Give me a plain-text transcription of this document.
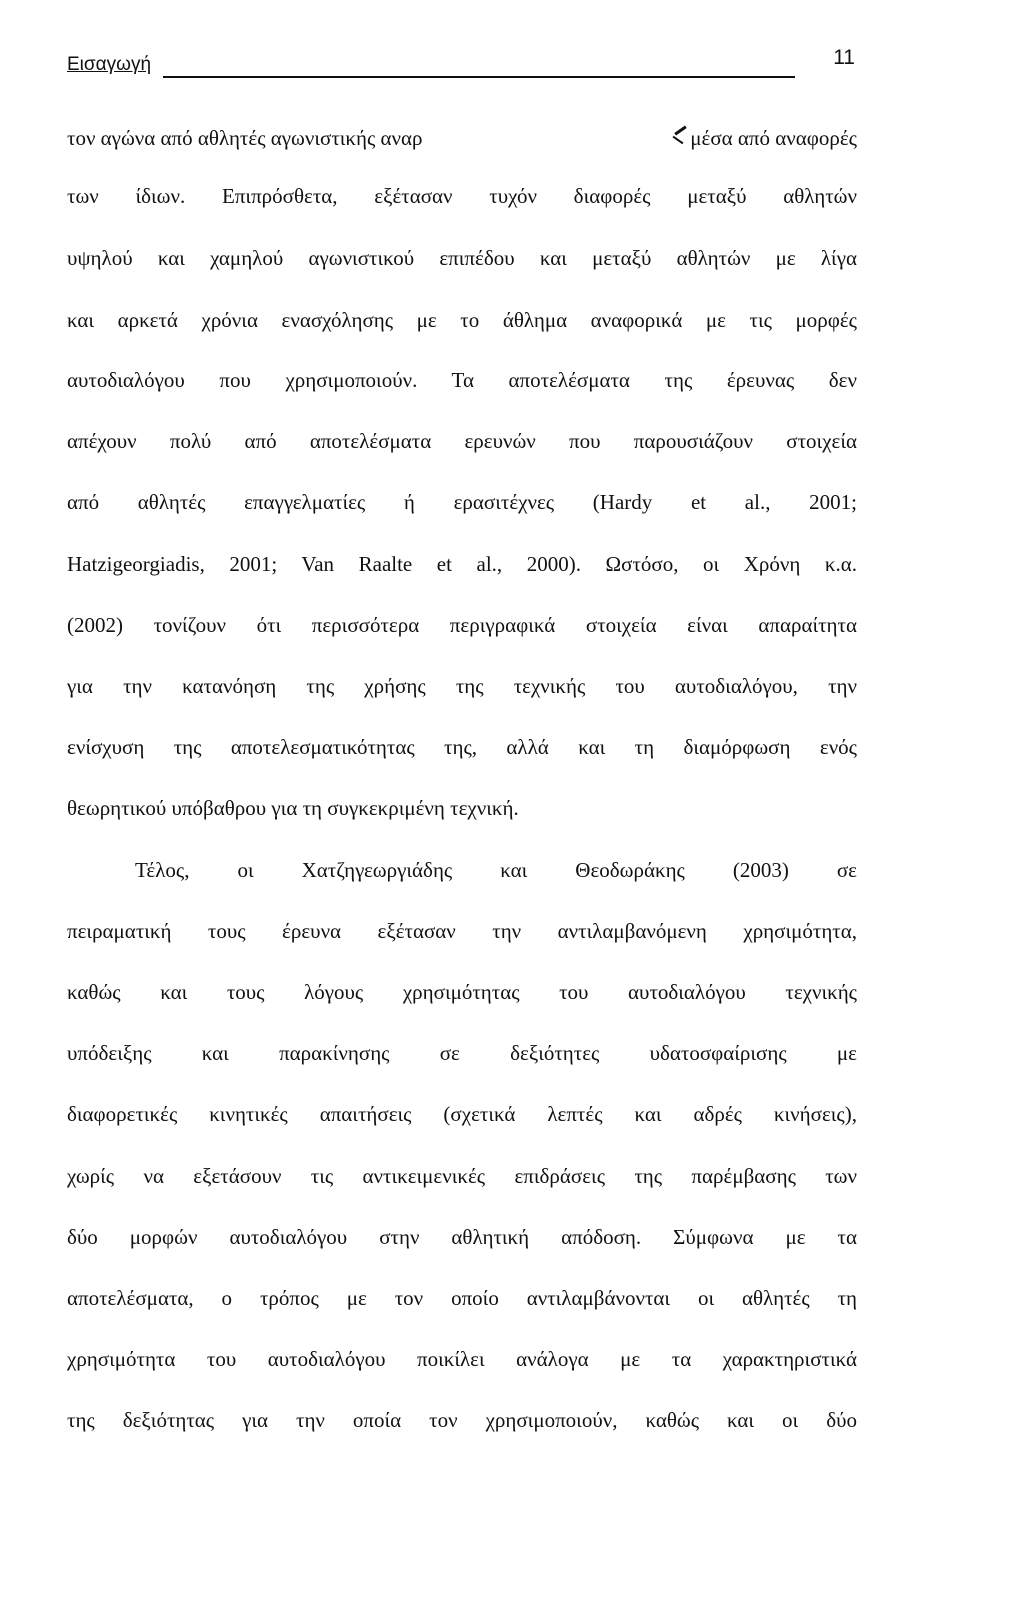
Εισαγωγή	11
τον αγώνα από αθλητές αγωνιστικής αναρ	μέσα από αναφορές
των ίδιων. Επιπρόσθετα, εξέτασαν τυχόν διαφορές μεταξύ αθλητών
υψηλού και χαμηλού αγωνιστικού επιπέδου και μεταξύ αθλητών με λίγα
και αρκετά χρόνια ενασχόλησης με το άθλημα αναφορικά με τις μορφές
αυτοδιαλόγου που χρησιμοποιούν. Τα αποτελέσματα της έρευνας δεν
απέχουν πολύ από αποτελέσματα ερευνών που παρουσιάζουν στοιχεία
από αθλητές επαγγελματίες ή ερασιτέχνες (Hardy et al., 2001;
Hatzigeorgiadis, 2001; Van Raalte et al., 2000). Ωστόσο, οι Χρόνη κ.α.
(2002) τονίζουν ότι περισσότερα περιγραφικά στοιχεία είναι απαραίτητα
για την κατανόηση της χρήσης της τεχνικής του αυτοδιαλόγου, την
ενίσχυση της αποτελεσματικότητας της, αλλά και τη διαμόρφωση ενός
θεωρητικού υπόβαθρου για τη συγκεκριμένη τεχνική.
Τέλος, οι Χατζηγεωργιάδης και Θεοδωράκης (2003) σε
πειραματική τους έρευνα εξέτασαν την αντιλαμβανόμενη χρησιμότητα,
καθώς και τους λόγους χρησιμότητας του αυτοδιαλόγου τεχνικής
υπόδειξης και παρακίνησης σε δεξιότητες υδατοσφαίρισης με
διαφορετικές κινητικές απαιτήσεις (σχετικά λεπτές και αδρές κινήσεις),
χωρίς να εξετάσουν τις αντικειμενικές επιδράσεις της παρέμβασης των
δύο μορφών αυτοδιαλόγου στην αθλητική απόδοση. Σύμφωνα με τα
αποτελέσματα, ο τρόπος με τον οποίο αντιλαμβάνονται οι αθλητές τη
χρησιμότητα του αυτοδιαλόγου ποικίλει ανάλογα με τα χαρακτηριστικά
της δεξιότητας για την οποία τον χρησιμοποιούν, καθώς και οι δύο
